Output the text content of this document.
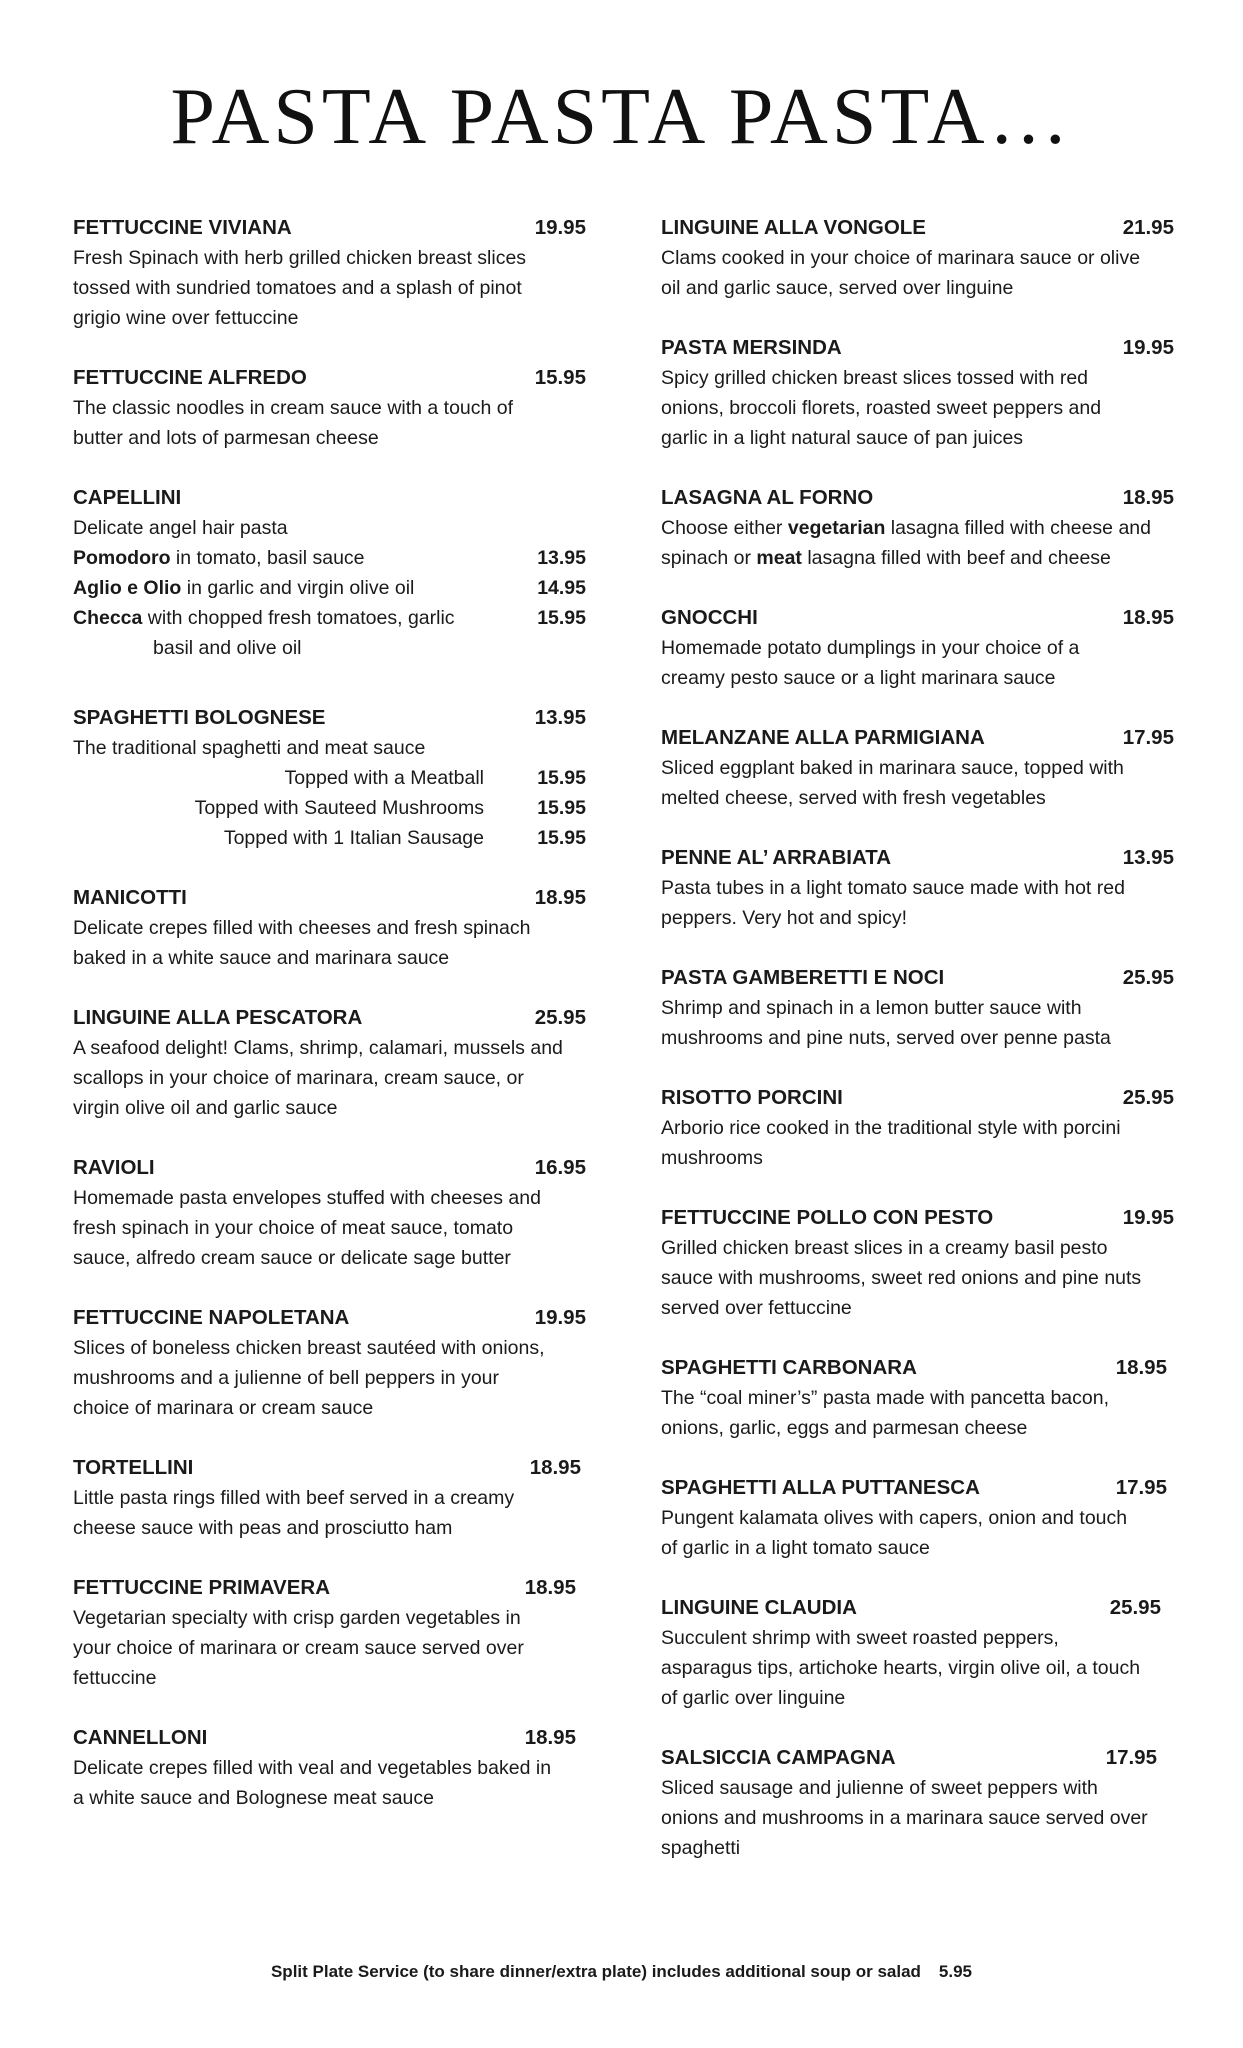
PASTA PASTA PASTA…
FETTUCCINE VIVIANA	19.95
Fresh Spinach with herb grilled chicken breast slices
tossed with sundried tomatoes and a splash of pinot
grigio wine over fettuccine
FETTUCCINE ALFREDO	15.95
The classic noodles in cream sauce with a touch of
butter and lots of parmesan cheese
CAPELLINI
Delicate angel hair pasta
Pomodoro in tomato, basil sauce	13.95
Aglio e Olio in garlic and virgin olive oil	14.95
Checca with chopped fresh tomatoes, garlic	15.95
basil and olive oil
SPAGHETTI BOLOGNESE	13.95
The traditional spaghetti and meat sauce
Topped with a Meatball	15.95
Topped with Sauteed Mushrooms	15.95
Topped with 1 Italian Sausage	15.95
MANICOTTI	18.95
Delicate crepes filled with cheeses and fresh spinach
baked in a white sauce and marinara sauce
LINGUINE ALLA PESCATORA	25.95
A seafood delight! Clams, shrimp, calamari, mussels and
scallops in your choice of marinara, cream sauce, or
virgin olive oil and garlic sauce
RAVIOLI	16.95
Homemade pasta envelopes stuffed with cheeses and
fresh spinach in your choice of meat sauce, tomato
sauce, alfredo cream sauce or delicate sage butter
FETTUCCINE NAPOLETANA	19.95
Slices of boneless chicken breast sautéed with onions,
mushrooms and a julienne of bell peppers in your
choice of marinara or cream sauce
TORTELLINI	18.95
Little pasta rings filled with beef served in a creamy
cheese sauce with peas and prosciutto ham
FETTUCCINE PRIMAVERA	18.95
Vegetarian specialty with crisp garden vegetables in
your choice of marinara or cream sauce served over
fettuccine
CANNELLONI	18.95
Delicate crepes filled with veal and vegetables baked in
a white sauce and Bolognese meat sauce
LINGUINE ALLA VONGOLE	21.95
Clams cooked in your choice of marinara sauce or olive
oil and garlic sauce, served over linguine
PASTA MERSINDA	19.95
Spicy grilled chicken breast slices tossed with red
onions, broccoli florets, roasted sweet peppers and
garlic in a light natural sauce of pan juices
LASAGNA AL FORNO	18.95
Choose either vegetarian lasagna filled with cheese and
spinach or meat lasagna filled with beef and cheese
GNOCCHI	18.95
Homemade potato dumplings in your choice of a
creamy pesto sauce or a light marinara sauce
MELANZANE ALLA PARMIGIANA	17.95
Sliced eggplant baked in marinara sauce, topped with
melted cheese, served with fresh vegetables
PENNE AL’ ARRABIATA	13.95
Pasta tubes in a light tomato sauce made with hot red
peppers. Very hot and spicy!
PASTA GAMBERETTI E NOCI	25.95
Shrimp and spinach in a lemon butter sauce with
mushrooms and pine nuts, served over penne pasta
RISOTTO PORCINI	25.95
Arborio rice cooked in the traditional style with porcini
mushrooms
FETTUCCINE POLLO CON PESTO	19.95
Grilled chicken breast slices in a creamy basil pesto
sauce with mushrooms, sweet red onions and pine nuts
served over fettuccine
SPAGHETTI CARBONARA	18.95
The “coal miner’s” pasta made with pancetta bacon,
onions, garlic, eggs and parmesan cheese
SPAGHETTI ALLA PUTTANESCA	17.95
Pungent kalamata olives with capers, onion and touch
of garlic in a light tomato sauce
LINGUINE CLAUDIA	25.95
Succulent shrimp with sweet roasted peppers,
asparagus tips, artichoke hearts, virgin olive oil, a touch
of garlic over linguine
SALSICCIA CAMPAGNA	17.95
Sliced sausage and julienne of sweet peppers with
onions and mushrooms in a marinara sauce served over
spaghetti
Split Plate Service (to share dinner/extra plate) includes additional soup or salad 5.95
